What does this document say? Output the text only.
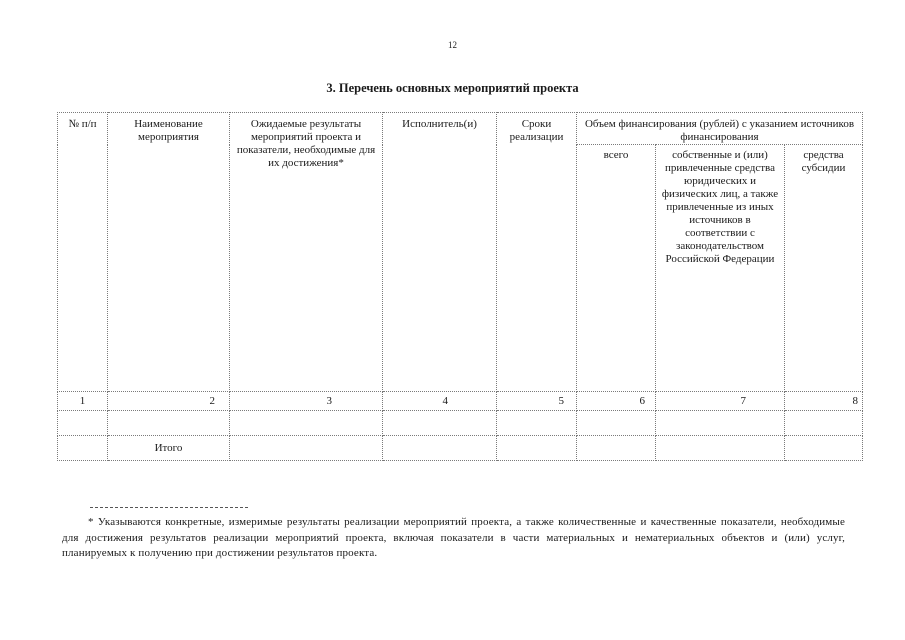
12
3. Перечень основных мероприятий проекта
№ п/п	Наименование мероприятия	Ожидаемые результаты мероприятий проекта и показатели, необходимые для их достижения*	Исполнитель(и)	Сроки реализации	Объем финансирования (рублей) с указанием источников финансирования		
					всего	собственные и (или) привлеченные средства юридических и физических лиц, а также привлеченные из иных источников в соответствии с законодательством Российской Федерации	средства субсидии
1	2	3	4	5	6	7	8

	Итого						
* Указываются конкретные, измеримые результаты реализации мероприятий проекта, а также количественные и качественные показатели, необходимые для достижения результатов реализации мероприятий проекта, включая показатели в части материальных и нематериальных объектов и (или) услуг, планируемых к получению при достижении результатов проекта.
